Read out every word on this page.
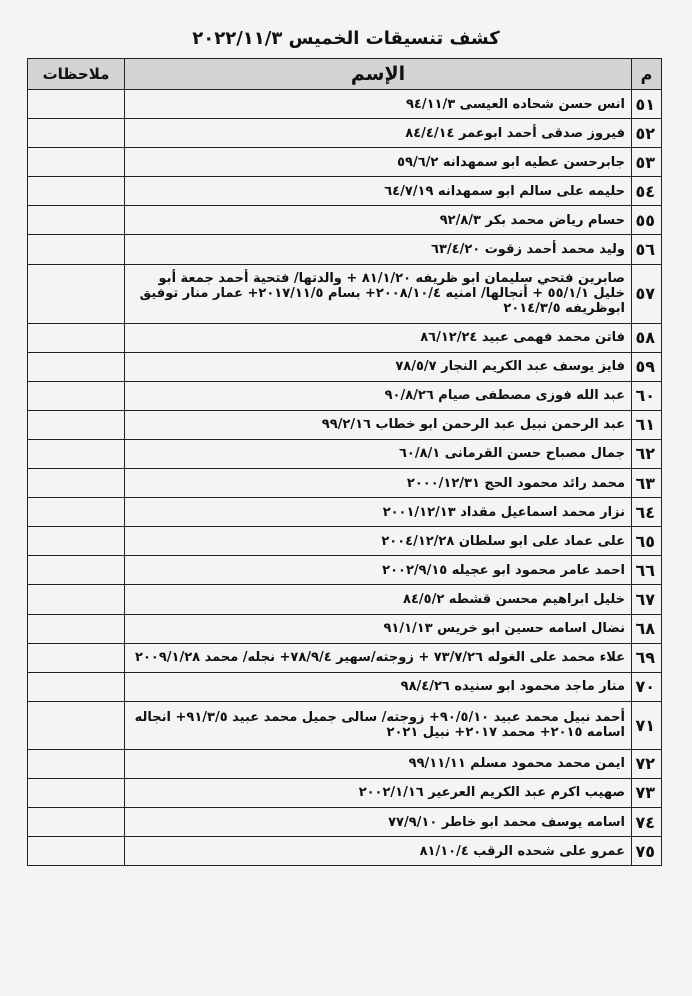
كشف تنسيقات الخميس ٢٠٢٢/١١/٣
م	الإسم	ملاحظات
٥١	انس حسن شحاده العيسى ٩٤/١١/٣	
٥٢	فيروز صدقى أحمد ابوعمر ٨٤/٤/١٤	
٥٣	جابرحسن عطيه ابو سمهدانه ٥٩/٦/٢	
٥٤	حليمه على سالم ابو سمهدانه ٦٤/٧/١٩	
٥٥	حسام رياض محمد بكر ٩٢/٨/٣	
٥٦	وليد محمد أحمد زقوت ٦٣/٤/٢٠	
٥٧	صابرين فتحي سليمان ابو ظريفه ٨١/١/٢٠ + والدتها/ فتحية أحمد جمعة أبو خليل ٥٥/١/١ + أنجالها/ امنيه ٢٠٠٨/١٠/٤+ بسام ٢٠١٧/١١/٥+ عمار منار توفيق ابوظريفه ٢٠١٤/٣/٥	
٥٨	فاتن محمد فهمى عبيد ٨٦/١٢/٢٤	
٥٩	فايز يوسف عبد الكريم النجار ٧٨/٥/٧	
٦٠	عبد الله فوزى مصطفى صيام ٩٠/٨/٢٦	
٦١	عبد الرحمن نبيل عبد الرحمن ابو خطاب ٩٩/٢/١٦	
٦٢	جمال مصباح حسن القرمانى ٦٠/٨/١	
٦٣	محمد رائد محمود الحج ٢٠٠٠/١٢/٣١	
٦٤	نزار محمد اسماعيل مقداد ٢٠٠١/١٢/١٣	
٦٥	على عماد على ابو سلطان ٢٠٠٤/١٢/٢٨	
٦٦	احمد عامر محمود ابو عجيله ٢٠٠٢/٩/١٥	
٦٧	خليل ابراهيم محسن قشطه ٨٤/٥/٢	
٦٨	نضال اسامه حسين ابو خريس ٩١/١/١٣	
٦٩	علاء محمد على الغوله ٧٣/٧/٢٦ + زوجته/سهير ٧٨/٩/٤+ نجله/ محمد ٢٠٠٩/١/٢٨	
٧٠	منار ماجد محمود ابو سنيده ٩٨/٤/٢٦	
٧١	أحمد نبيل محمد عبيد ٩٠/٥/١٠+ زوجته/ سالى جميل محمد عبيد ٩١/٣/٥+ انجاله اسامه ٢٠١٥+ محمد ٢٠١٧+ نبيل ٢٠٢١	
٧٢	ايمن محمد محمود مسلم ٩٩/١١/١١	
٧٣	صهيب اكرم عبد الكريم العرعير ٢٠٠٢/١/١٦	
٧٤	اسامه يوسف محمد ابو خاطر ٧٧/٩/١٠	
٧٥	عمرو على شحده الرقب ٨١/١٠/٤	
